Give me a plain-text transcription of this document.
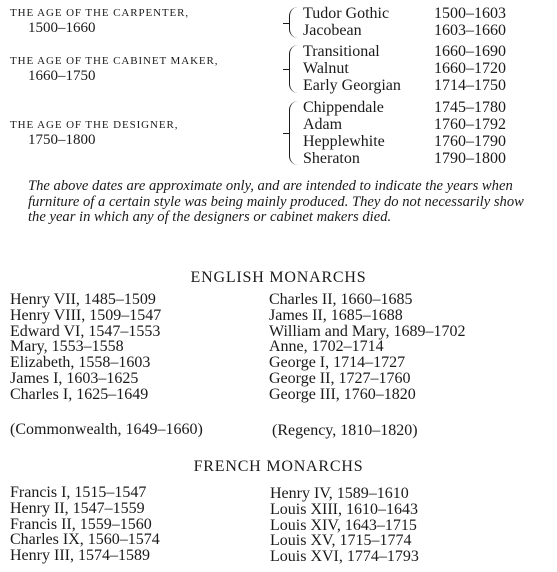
THE AGE OF THE CARPENTER,
1500–1660
Tudor Gothic	1500–1603
Jacobean	1603–1660
THE AGE OF THE CABINET MAKER,
1660–1750
Transitional	1660–1690
Walnut	1660–1720
Early Georgian 1714–1750
THE AGE OF THE DESIGNER,
1750–1800
Chippendale	1745–1780
Adam	1760–1792
Hepplewhite	1760–1790
Sheraton	1790–1800
The above dates are approximate only, and are intended to indicate the years when furniture of a certain style was being mainly produced. They do not necessarily show the year in which any of the designers or cabinet makers died.
ENGLISH MONARCHS
Henry VII, 1485–1509
Henry VIII, 1509–1547
Edward VI, 1547–1553
Mary, 1553–1558
Elizabeth, 1558–1603
James I, 1603–1625
Charles I, 1625–1649
Charles II, 1660–1685
James II, 1685–1688
William and Mary, 1689–1702
Anne, 1702–1714
George I, 1714–1727
George II, 1727–1760
George III, 1760–1820
(Commonwealth, 1649–1660)	(Regency, 1810–1820)
FRENCH MONARCHS
Francis I, 1515–1547
Henry II, 1547–1559
Francis II, 1559–1560
Charles IX, 1560–1574
Henry III, 1574–1589
Henry IV, 1589–1610
Louis XIII, 1610–1643
Louis XIV, 1643–1715
Louis XV, 1715–1774
Louis XVI, 1774–1793
